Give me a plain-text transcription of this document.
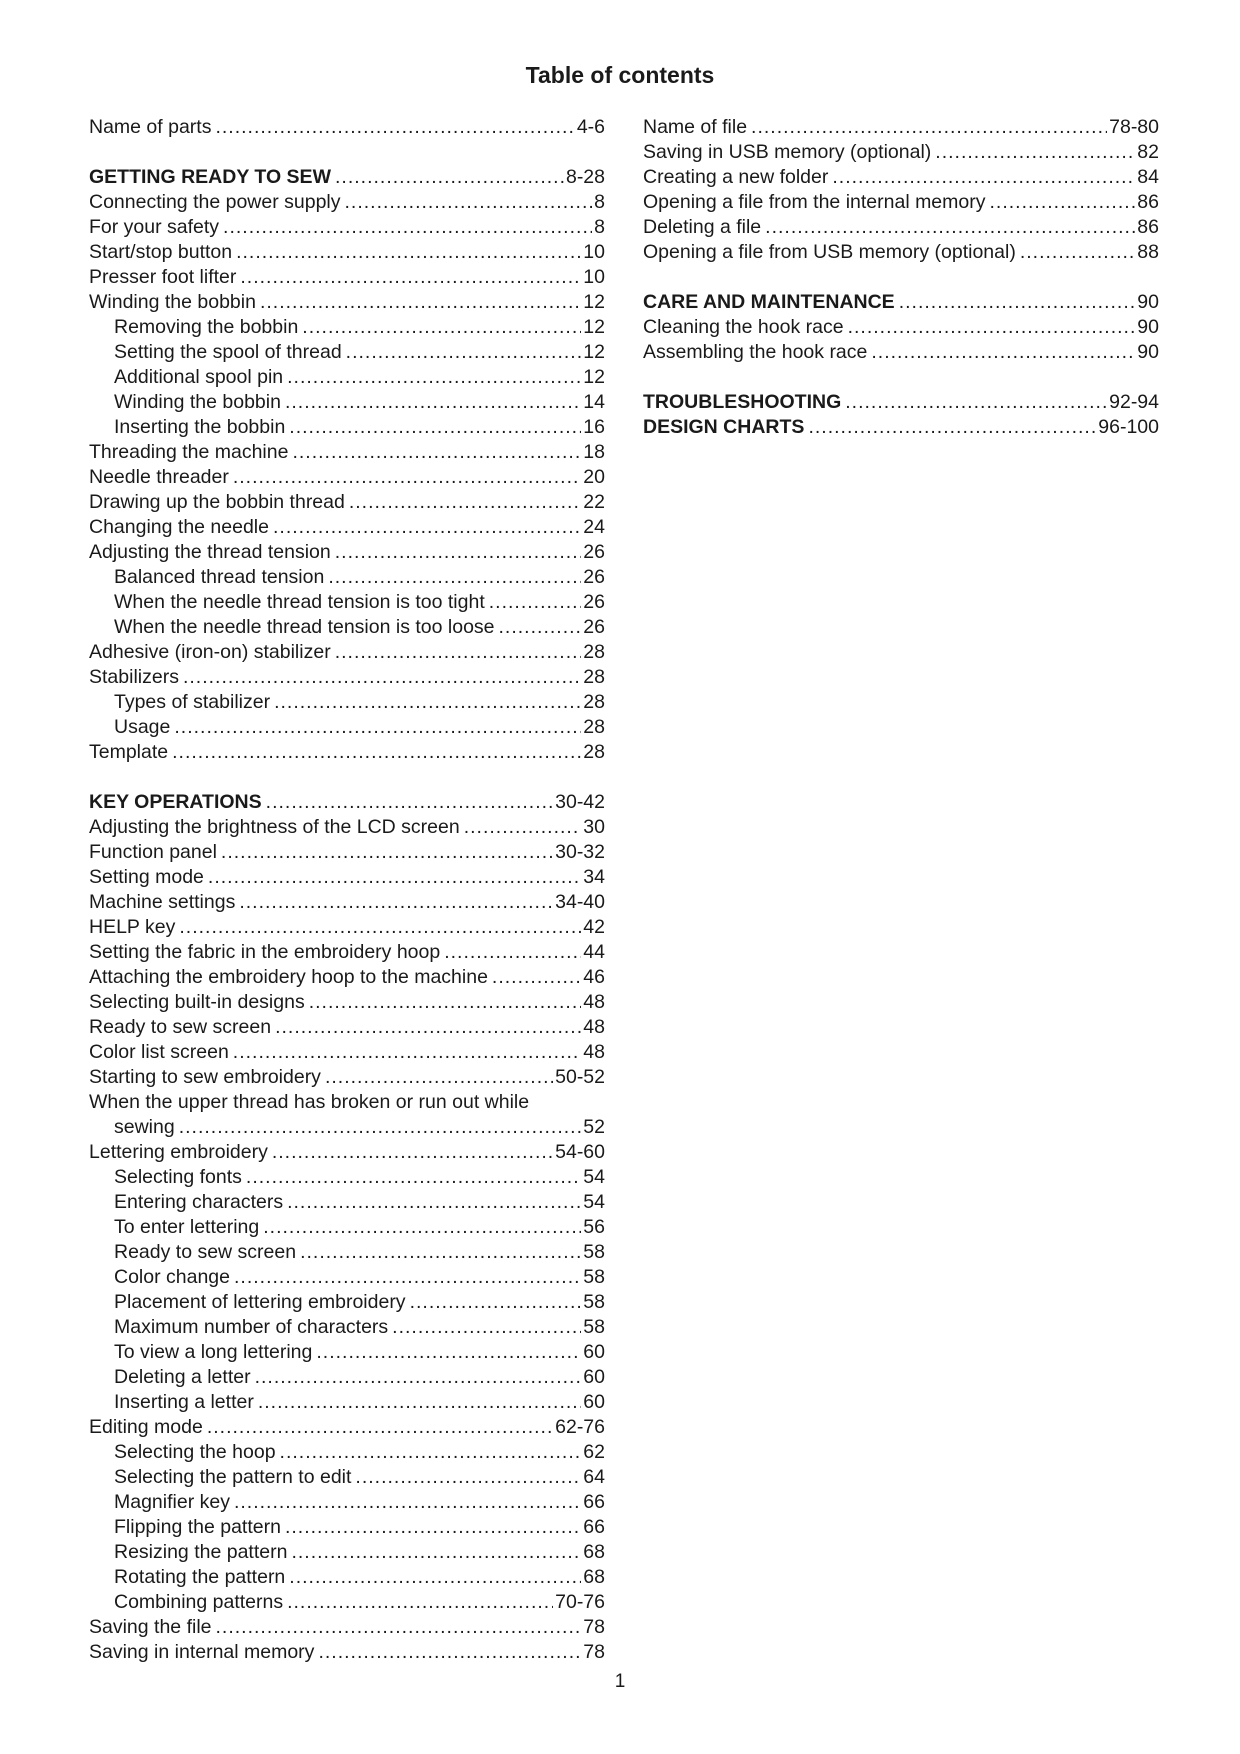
Table of contents
Name of parts .....	4-6
GETTING READY TO SEW .....	8-28
Connecting the power supply .....	8
For your safety .....	8
Start/stop button .....	10
Presser foot lifter .....	10
Winding the bobbin .....	12
Removing the bobbin .....	12
Setting the spool of thread .....	12
Additional spool pin .....	12
Winding the bobbin .....	14
Inserting the bobbin .....	16
Threading the machine .....	18
Needle threader .....	20
Drawing up the bobbin thread .....	22
Changing the needle .....	24
Adjusting the thread tension .....	26
Balanced thread tension .....	26
When the needle thread tension is too tight .....	26
When the needle thread tension is too loose .....	26
Adhesive (iron-on) stabilizer .....	28
Stabilizers .....	28
Types of stabilizer .....	28
Usage .....	28
Template .....	28
KEY OPERATIONS .....	30-42
Adjusting the brightness of the LCD screen .....	30
Function panel .....	30-32
Setting mode .....	34
Machine settings .....	34-40
HELP key .....	42
Setting the fabric in the embroidery hoop .....	44
Attaching the embroidery hoop to the machine .....	46
Selecting built-in designs .....	48
Ready to sew screen .....	48
Color list screen .....	48
Starting to sew embroidery .....	50-52
When the upper thread has broken or run out while
sewing .....	52
Lettering embroidery .....	54-60
Selecting fonts .....	54
Entering characters .....	54
To enter lettering .....	56
Ready to sew screen .....	58
Color change .....	58
Placement of lettering embroidery .....	58
Maximum number of characters .....	58
To view a long lettering .....	60
Deleting a letter .....	60
Inserting a letter .....	60
Editing mode .....	62-76
Selecting the hoop .....	62
Selecting the pattern to edit .....	64
Magnifier key .....	66
Flipping the pattern .....	66
Resizing the pattern .....	68
Rotating the pattern .....	68
Combining patterns .....	70-76
Saving the file .....	78
Saving in internal memory .....	78
Name of file .....	78-80
Saving in USB memory (optional) .....	82
Creating a new folder .....	84
Opening a file from the internal memory .....	86
Deleting a file .....	86
Opening a file from USB memory (optional) .....	88
CARE AND MAINTENANCE .....	90
Cleaning the hook race .....	90
Assembling the hook race .....	90
TROUBLESHOOTING .....	92-94
DESIGN CHARTS .....	96-100
1
